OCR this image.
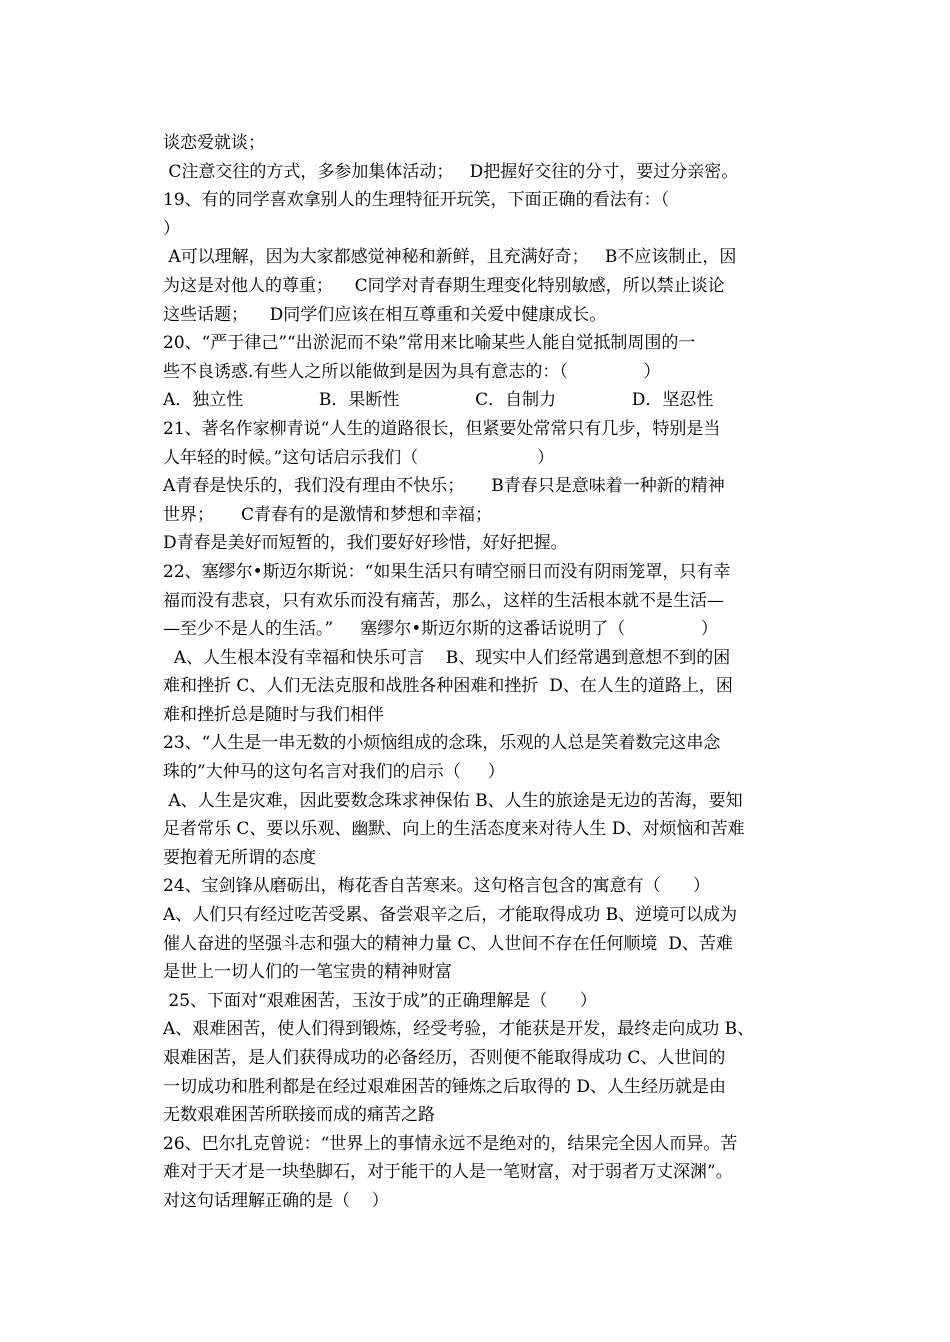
谈恋爱就谈；
C注意交往的方式，多参加集体活动；   D把握好交往的分寸，要过分亲密。
19、有的同学喜欢拿别人的生理特征开玩笑，下面正确的看法有：（
）
A可以理解，因为大家都感觉神秘和新鲜，且充满好奇；   B不应该制止，因
为这是对他人的尊重；    C同学对青春期生理变化特别敏感，所以禁止谈论
这些话题；    D同学们应该在相互尊重和关爱中健康成长。
20、“严于律己”“出淤泥而不染”常用来比喻某些人能自觉抵制周围的一
些不良诱惑.有些人之所以能做到是因为具有意志的：（              ）
A．独立性              B．果断性              C．自制力              D．坚忍性
21、著名作家柳青说“人生的道路很长，但紧要处常常只有几步，特别是当
人年轻的时候。”这句话启示我们（                      ）
A青春是快乐的，我们没有理由不快乐；     B青春只是意味着一种新的精神
世界；     C青春有的是激情和梦想和幸福；
D青春是美好而短暂的，我们要好好珍惜，好好把握。
22、塞缪尔•斯迈尔斯说：“如果生活只有晴空丽日而没有阴雨笼罩，只有幸
福而没有悲哀，只有欢乐而没有痛苦，那么，这样的生活根本就不是生活—
—至少不是人的生活。”     塞缪尔•斯迈尔斯的这番话说明了（              ）
A、人生根本没有幸福和快乐可言    B、现实中人们经常遇到意想不到的困
难和挫折 C、人们无法克服和战胜各种困难和挫折  D、在人生的道路上，困
难和挫折总是随时与我们相伴
23、“人生是一串无数的小烦恼组成的念珠，乐观的人总是笑着数完这串念
珠的”大仲马的这句名言对我们的启示（     ）
A、人生是灾难，因此要数念珠求神保佑 B、人生的旅途是无边的苦海，要知
足者常乐 C、要以乐观、幽默、向上的生活态度来对待人生 D、对烦恼和苦难
要抱着无所谓的态度
24、宝剑锋从磨砺出，梅花香自苦寒来。这句格言包含的寓意有（      ）
A、人们只有经过吃苦受累、备尝艰辛之后，才能取得成功 B、逆境可以成为
催人奋进的坚强斗志和强大的精神力量 C、人世间不存在任何顺境  D、苦难
是世上一切人们的一笔宝贵的精神财富
25、下面对“艰难困苦，玉汝于成”的正确理解是（      ）
A、艰难困苦，使人们得到锻炼，经受考验，才能获是开发，最终走向成功 B、
艰难困苦，是人们获得成功的必备经历，否则便不能取得成功 C、人世间的
一切成功和胜利都是在经过艰难困苦的锤炼之后取得的 D、人生经历就是由
无数艰难困苦所联接而成的痛苦之路
26、巴尔扎克曾说：“世界上的事情永远不是绝对的，结果完全因人而异。苦
难对于天才是一块垫脚石，对于能干的人是一笔财富，对于弱者万丈深渊”。
对这句话理解正确的是（    ）
